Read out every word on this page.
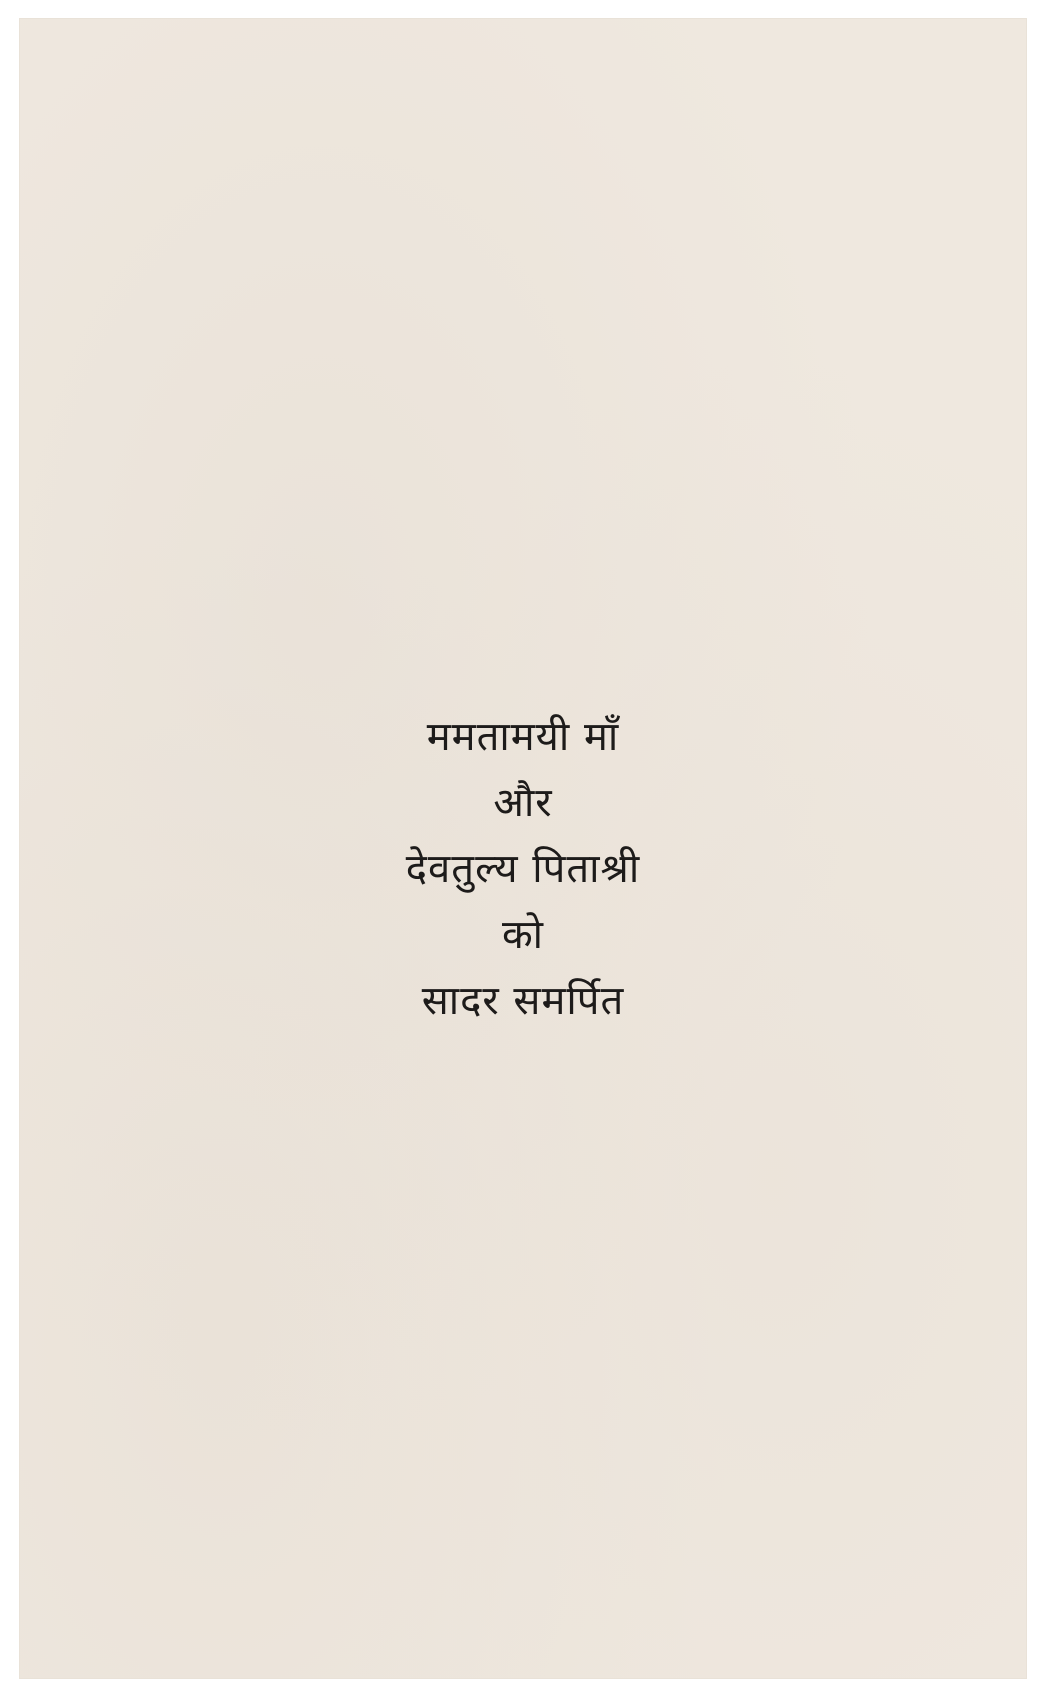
ममतामयी माँ
और
देवतुल्य पिताश्री
को
सादर समर्पित
